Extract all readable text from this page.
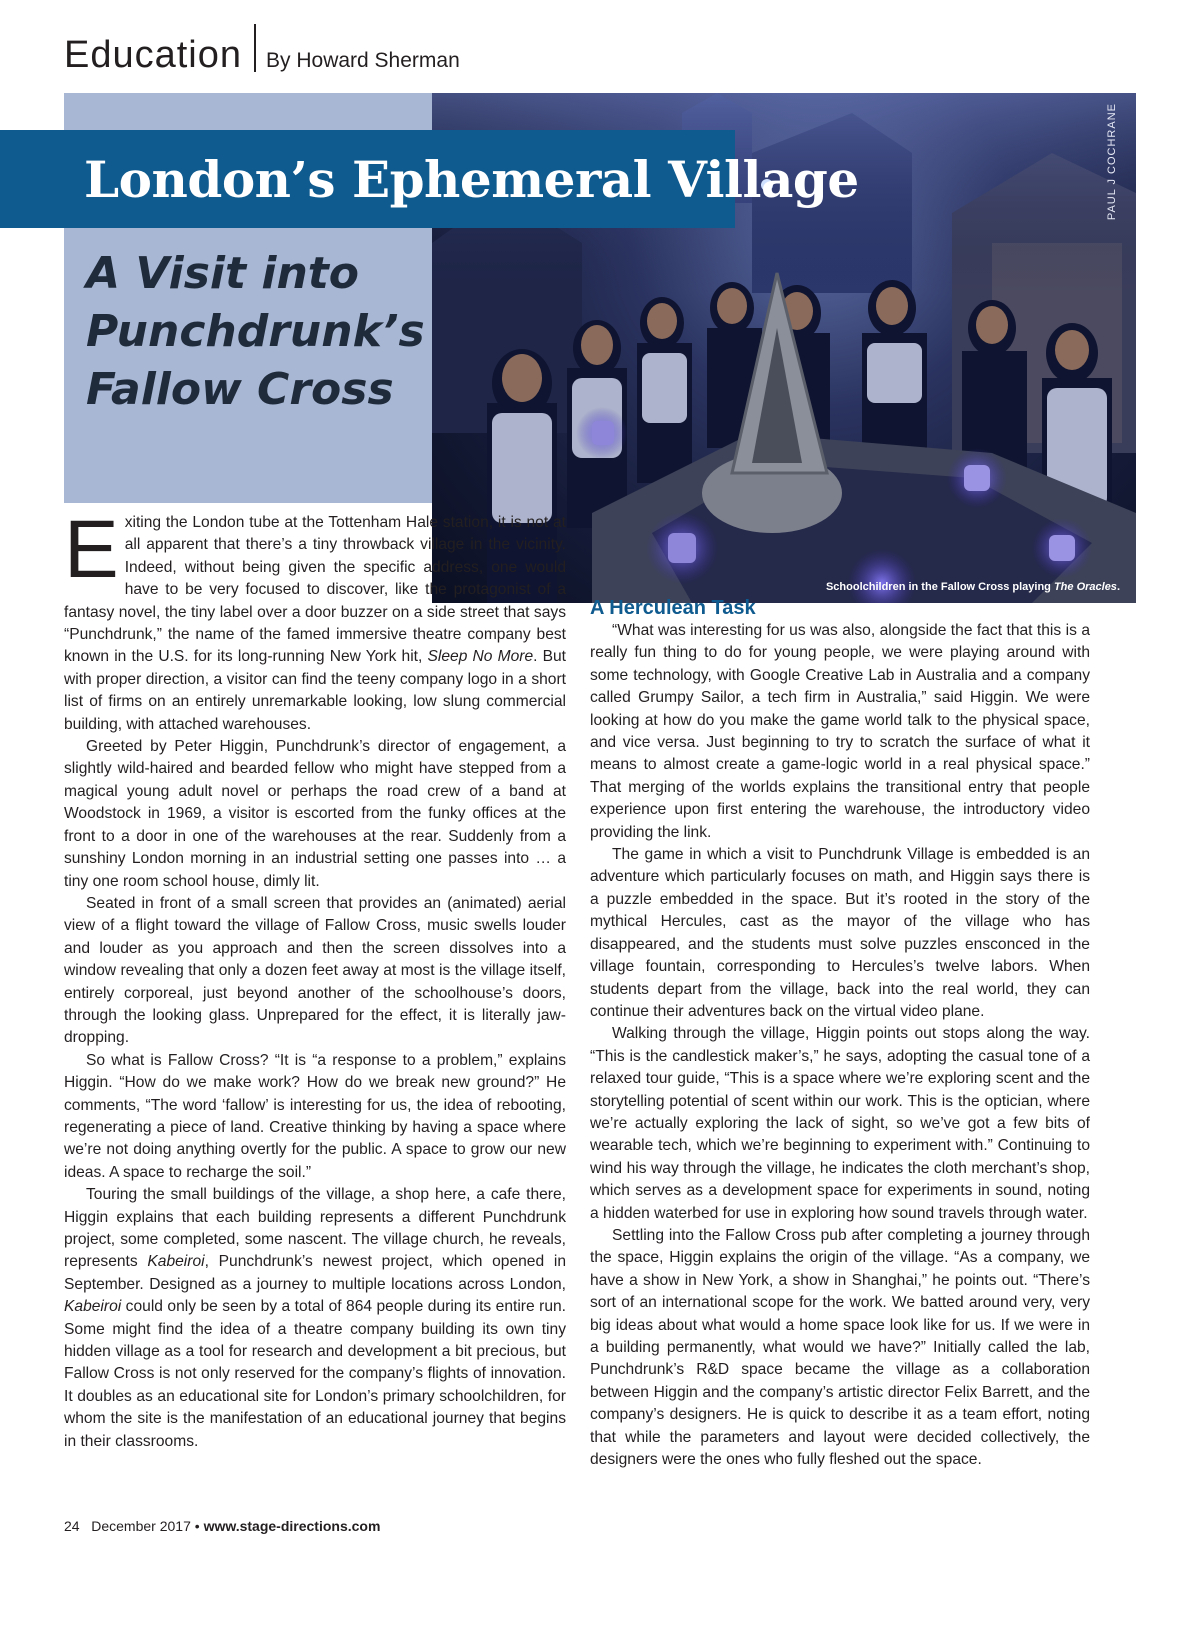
Education By Howard Sherman
PAUL J COCHRANE
Schoolchildren in the Fallow Cross playing The Oracles.
London’s Ephemeral Village
A Visit into Punchdrunk’s Fallow Cross

Exiting the London tube at the Tottenham Hale station, it is not at all apparent that there’s a tiny throwback village in the vicinity. Indeed, without being given the specific address, one would have to be very focused to discover, like the protagonist of a fantasy novel, the tiny label over a door buzzer on a side street that says “Punchdrunk,” the name of the famed immersive theatre company best known in the U.S. for its long-running New York hit, Sleep No More. But with proper direction, a visitor can find the teeny company logo in a short list of firms on an entirely unremarkable looking, low slung commercial building, with attached warehouses.

Greeted by Peter Higgin, Punchdrunk’s director of engagement, a slightly wild-haired and bearded fellow who might have stepped from a magical young adult novel or perhaps the road crew of a band at Woodstock in 1969, a visitor is escorted from the funky offices at the front to a door in one of the warehouses at the rear. Suddenly from a sunshiny London morning in an industrial setting one passes into … a tiny one room school house, dimly lit.

Seated in front of a small screen that provides an (animated) aerial view of a flight toward the village of Fallow Cross, music swells louder and louder as you approach and then the screen dissolves into a window revealing that only a dozen feet away at most is the village itself, entirely corporeal, just beyond another of the schoolhouse’s doors, through the looking glass. Unprepared for the effect, it is literally jaw-dropping.

So what is Fallow Cross? “It is “a response to a problem,” explains Higgin. “How do we make work? How do we break new ground?” He comments, “The word ‘fallow’ is interesting for us, the idea of rebooting, regenerating a piece of land. Creative thinking by having a space where we’re not doing anything overtly for the public. A space to grow our new ideas. A space to recharge the soil.”

Touring the small buildings of the village, a shop here, a cafe there, Higgin explains that each building represents a different Punchdrunk project, some completed, some nascent. The village church, he reveals, represents Kabeiroi, Punchdrunk’s newest project, which opened in September. Designed as a journey to multiple locations across London, Kabeiroi could only be seen by a total of 864 people during its entire run. Some might find the idea of a theatre company building its own tiny hidden village as a tool for research and development a bit precious, but Fallow Cross is not only reserved for the company’s flights of innovation. It doubles as an educational site for London’s primary schoolchildren, for whom the site is the manifestation of an educational journey that begins in their classrooms.

A Herculean Task

“What was interesting for us was also, alongside the fact that this is a really fun thing to do for young people, we were playing around with some technology, with Google Creative Lab in Australia and a company called Grumpy Sailor, a tech firm in Australia,” said Higgin. We were looking at how do you make the game world talk to the physical space, and vice versa. Just beginning to try to scratch the surface of what it means to almost create a game-logic world in a real physical space.” That merging of the worlds explains the transitional entry that people experience upon first entering the warehouse, the introductory video providing the link.

The game in which a visit to Punchdrunk Village is embedded is an adventure which particularly focuses on math, and Higgin says there is a puzzle embedded in the space. But it’s rooted in the story of the mythical Hercules, cast as the mayor of the village who has disappeared, and the students must solve puzzles ensconced in the village fountain, corresponding to Hercules’s twelve labors. When students depart from the village, back into the real world, they can continue their adventures back on the virtual video plane.

Walking through the village, Higgin points out stops along the way. “This is the candlestick maker’s,” he says, adopting the casual tone of a relaxed tour guide, “This is a space where we’re exploring scent and the storytelling potential of scent within our work. This is the optician, where we’re actually exploring the lack of sight, so we’ve got a few bits of wearable tech, which we’re beginning to experiment with.” Continuing to wind his way through the village, he indicates the cloth merchant’s shop, which serves as a development space for experiments in sound, noting a hidden waterbed for use in exploring how sound travels through water.

Settling into the Fallow Cross pub after completing a journey through the space, Higgin explains the origin of the village. “As a company, we have a show in New York, a show in Shanghai,” he points out. “There’s sort of an international scope for the work. We batted around very, very big ideas about what would a home space look like for us. If we were in a building permanently, what would we have?” Initially called the lab, Punchdrunk’s R&D space became the village as a collaboration between Higgin and the company’s artistic director Felix Barrett, and the company’s designers. He is quick to describe it as a team effort, noting that while the parameters and layout were decided collectively, the designers were the ones who fully fleshed out the space.

24 December 2017 • www.stage-directions.com
